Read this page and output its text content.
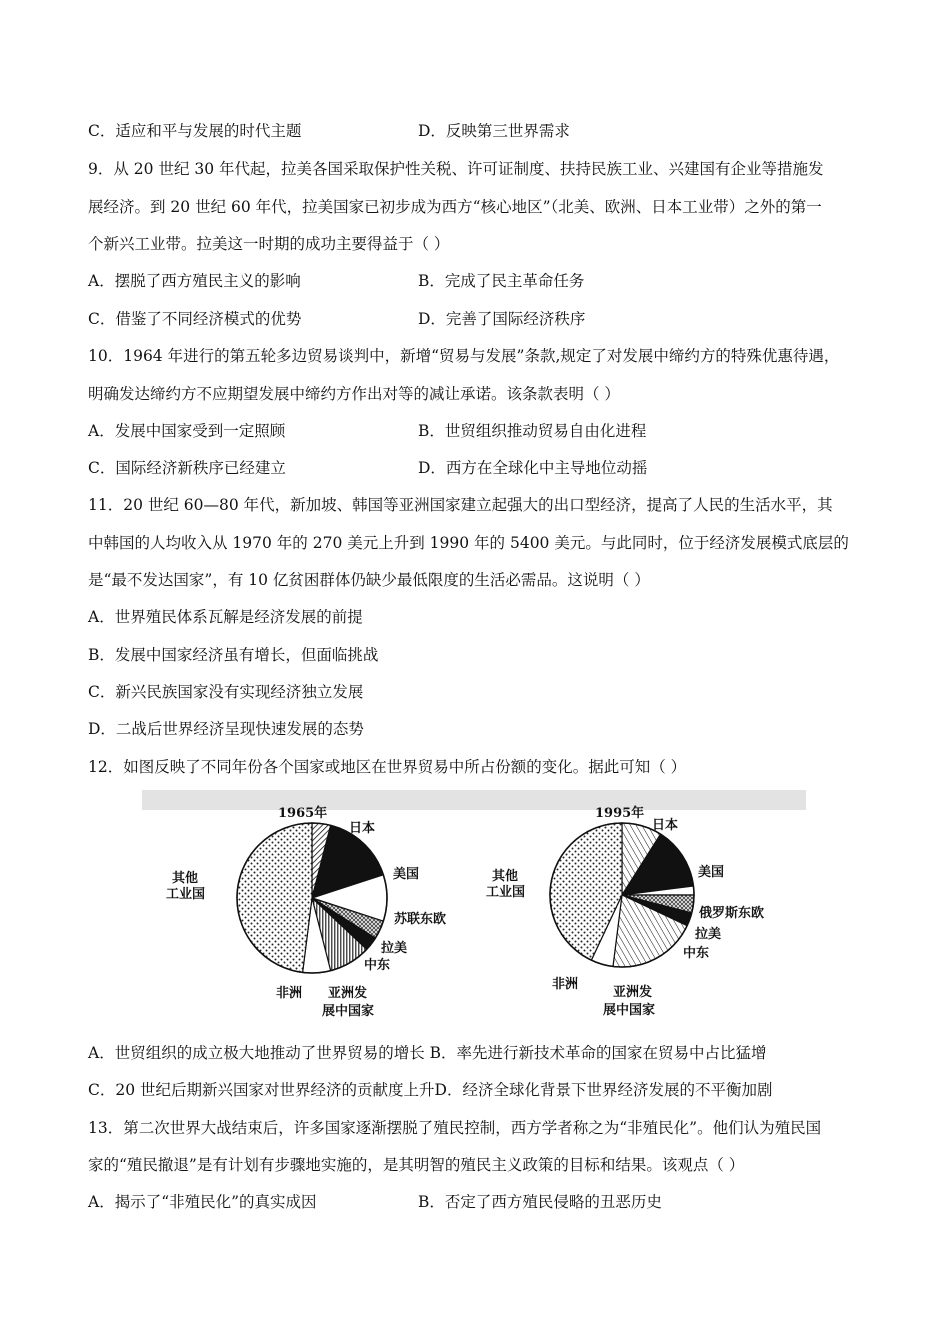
C．适应和平与发展的时代主题	D．反映第三世界需求
9．从 20 世纪 30 年代起，拉美各国采取保护性关税、许可证制度、扶持民族工业、兴建国有企业等措施发
展经济。到 20 世纪 60 年代，拉美国家已初步成为西方“核心地区”（北美、欧洲、日本工业带）之外的第一
个新兴工业带。拉美这一时期的成功主要得益于（ ）
A．摆脱了西方殖民主义的影响	B．完成了民主革命任务
C．借鉴了不同经济模式的优势	D．完善了国际经济秩序
10．1964 年进行的第五轮多边贸易谈判中，新增“贸易与发展”条款,规定了对发展中缔约方的特殊优惠待遇，
明确发达缔约方不应期望发展中缔约方作出对等的减让承诺。该条款表明（ ）
A．发展中国家受到一定照顾	B．世贸组织推动贸易自由化进程
C．国际经济新秩序已经建立	D．西方在全球化中主导地位动摇
11．20 世纪 60—80 年代，新加坡、韩国等亚洲国家建立起强大的出口型经济，提高了人民的生活水平，其
中韩国的人均收入从 1970 年的 270 美元上升到 1990 年的 5400 美元。与此同时，位于经济发展模式底层的
是“最不发达国家”，有 10 亿贫困群体仍缺少最低限度的生活必需品。这说明（ ）
A．世界殖民体系瓦解是经济发展的前提
B．发展中国家经济虽有增长，但面临挑战
C．新兴民族国家没有实现经济独立发展
D．二战后世界经济呈现快速发展的态势
12．如图反映了不同年份各个国家或地区在世界贸易中所占份额的变化。据此可知（ ）
1965年
日本
美国
其他
工业国
苏联东欧
拉美
中东
非洲 亚洲发
展中国家
1995年
日本
美国
其他
工业国
俄罗斯东欧
拉美
中东
非洲
亚洲发
展中国家
A．世贸组织的成立极大地推动了世界贸易的增长 B．率先进行新技术革命的国家在贸易中占比猛增
C．20 世纪后期新兴国家对世界经济的贡献度上升D．经济全球化背景下世界经济发展的不平衡加剧
13．第二次世界大战结束后，许多国家逐渐摆脱了殖民控制，西方学者称之为“非殖民化”。他们认为殖民国
家的“殖民撤退”是有计划有步骤地实施的，是其明智的殖民主义政策的目标和结果。该观点（ ）
A．揭示了“非殖民化”的真实成因	B．否定了西方殖民侵略的丑恶历史
